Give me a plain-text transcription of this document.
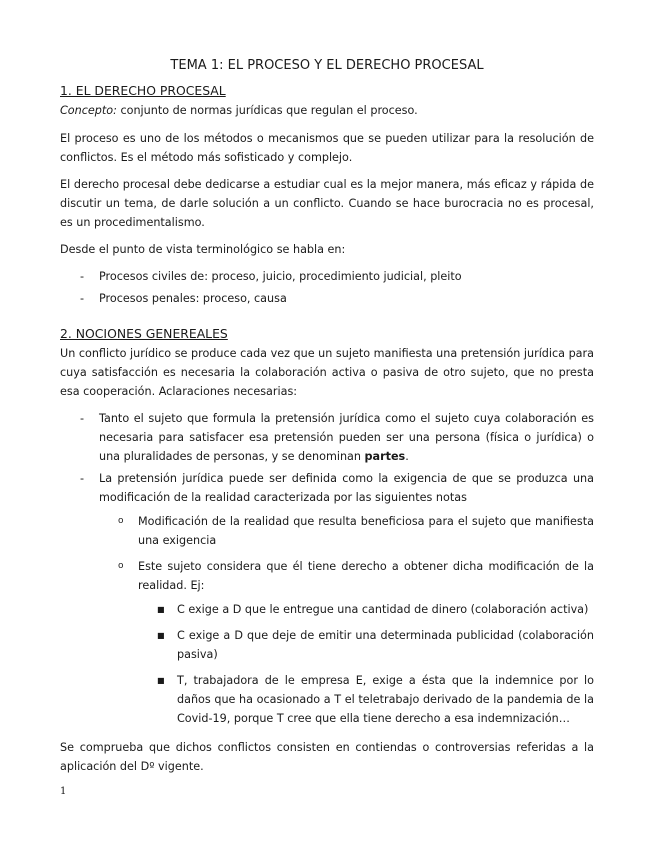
TEMA 1: EL PROCESO Y EL DERECHO PROCESAL
1. EL DERECHO PROCESAL

Concepto: conjunto de normas jurídicas que regulan el proceso.

El proceso es uno de los métodos o mecanismos que se pueden utilizar para la resolución de conflictos. Es el método más sofisticado y complejo.

El derecho procesal debe dedicarse a estudiar cual es la mejor manera, más eficaz y rápida de discutir un tema, de darle solución a un conflicto. Cuando se hace burocracia no es procesal, es un procedimentalismo.

Desde el punto de vista terminológico se habla en:

- Procesos civiles de: proceso, juicio, procedimiento judicial, pleito
- Procesos penales: proceso, causa
2. NOCIONES GENEREALES

Un conflicto jurídico se produce cada vez que un sujeto manifiesta una pretensión jurídica para cuya satisfacción es necesaria la colaboración activa o pasiva de otro sujeto, que no presta esa cooperación. Aclaraciones necesarias:

- Tanto el sujeto que formula la pretensión jurídica como el sujeto cuya colaboración es necesaria para satisfacer esa pretensión pueden ser una persona (física o jurídica) o una pluralidades de personas, y se denominan partes.
- La pretensión jurídica puede ser definida como la exigencia de que se produzca una modificación de la realidad caracterizada por las siguientes notas
o Modificación de la realidad que resulta beneficiosa para el sujeto que manifiesta una exigencia
o Este sujeto considera que él tiene derecho a obtener dicha modificación de la realidad. Ej:
■ C exige a D que le entregue una cantidad de dinero (colaboración activa)
■ C exige a D que deje de emitir una determinada publicidad (colaboración pasiva)
■ T, trabajadora de le empresa E, exige a ésta que la indemnice por lo daños que ha ocasionado a T el teletrabajo derivado de la pandemia de la Covid-19, porque T cree que ella tiene derecho a esa indemnización…

Se comprueba que dichos conflictos consisten en contiendas o controversias referidas a la aplicación del Dº vigente.

1
